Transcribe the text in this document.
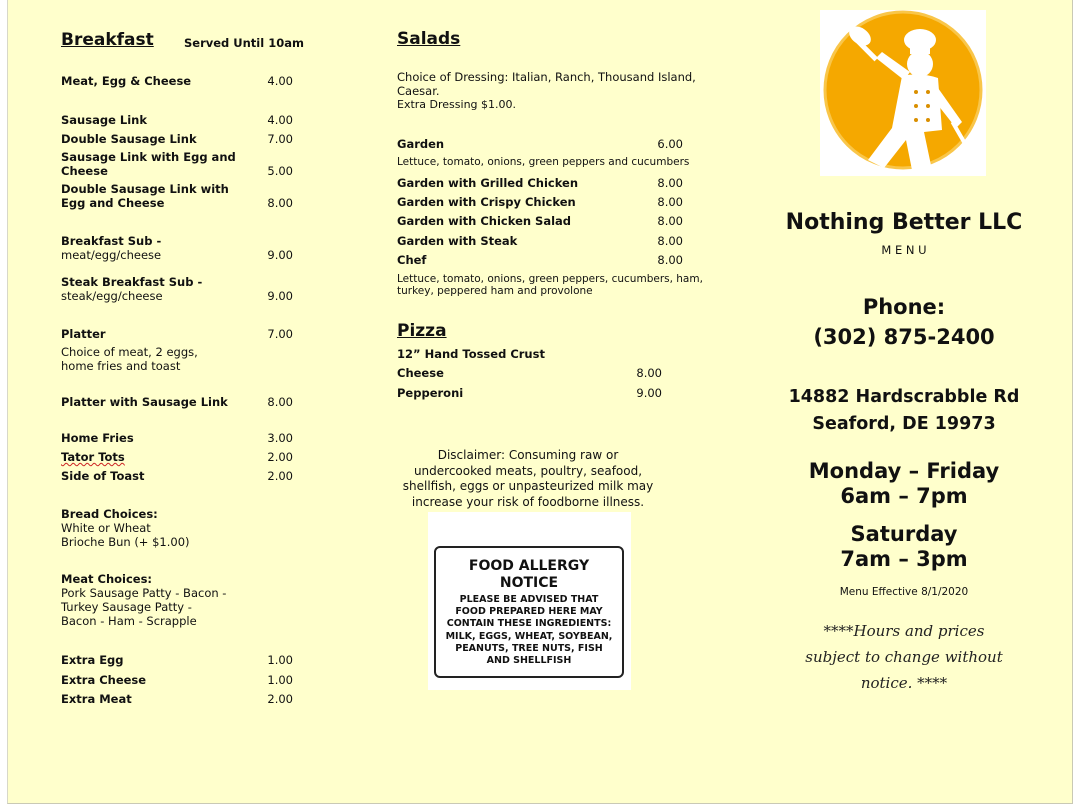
Breakfast	Served Until 10am
Meat, Egg & Cheese	4.00
Sausage Link	4.00
Double Sausage Link	7.00
Sausage Link with Egg and
Cheese	5.00
Double Sausage Link with
Egg and Cheese	8.00
Breakfast Sub -
meat/egg/cheese	9.00
Steak Breakfast Sub -
steak/egg/cheese	9.00
Platter	7.00
Choice of meat, 2 eggs,
home fries and toast
Platter with Sausage Link	8.00
Home Fries	3.00
Tator Tots	2.00
Side of Toast	2.00
Bread Choices:
White or Wheat
Brioche Bun (+ $1.00)
Meat Choices:
Pork Sausage Patty - Bacon -
Turkey Sausage Patty -
Bacon - Ham - Scrapple
Extra Egg	1.00
Extra Cheese	1.00
Extra Meat	2.00
Salads
Choice of Dressing: Italian, Ranch, Thousand Island,
Caesar.
Extra Dressing $1.00.
Garden	6.00
Lettuce, tomato, onions, green peppers and cucumbers
Garden with Grilled Chicken	8.00
Garden with Crispy Chicken	8.00
Garden with Chicken Salad	8.00
Garden with Steak	8.00
Chef	8.00
Lettuce, tomato, onions, green peppers, cucumbers, ham,
turkey, peppered ham and provolone
Pizza
12” Hand Tossed Crust
Cheese	8.00
Pepperoni	9.00
Disclaimer: Consuming raw or
undercooked meats, poultry, seafood,
shellfish, eggs or unpasteurized milk may
increase your risk of foodborne illness.
FOOD ALLERGY
NOTICE
PLEASE BE ADVISED THAT
FOOD PREPARED HERE MAY
CONTAIN THESE INGREDIENTS:
MILK, EGGS, WHEAT, SOYBEAN,
PEANUTS, TREE NUTS, FISH
AND SHELLFISH
Nothing Better LLC
M E N U
Phone:
(302) 875-2400
14882 Hardscrabble Rd
Seaford, DE 19973
Monday – Friday
6am – 7pm
Saturday
7am – 3pm
Menu Effective 8/1/2020
****Hours and prices
subject to change without
notice. ****
